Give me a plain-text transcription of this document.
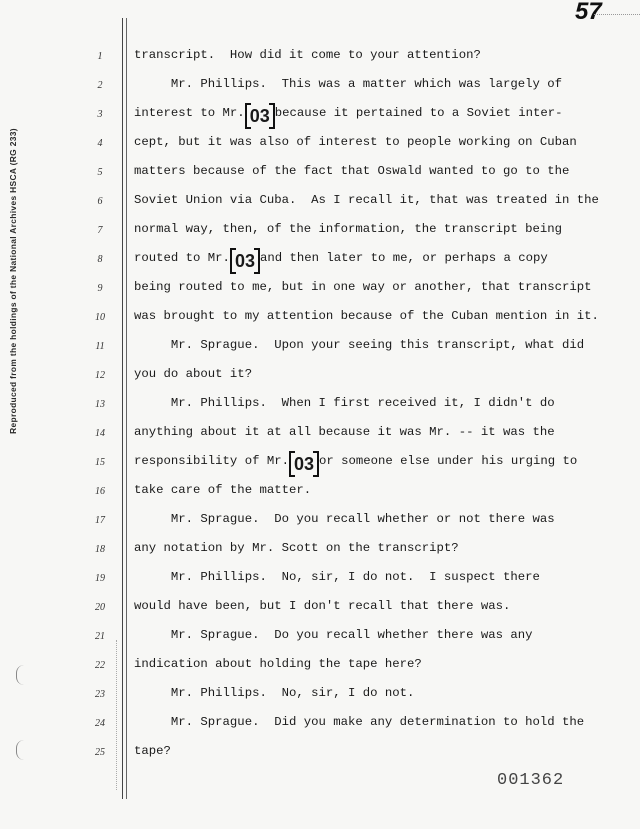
Reproduced from the holdings of the National Archives HSCA (RG 233)
57
1	transcript.  How did it come to your attention?
2	Mr. Phillips.  This was a matter which was largely of
3	interest to Mr. 03 because it pertained to a Soviet inter-
4	cept, but it was also of interest to people working on Cuban
5	matters because of the fact that Oswald wanted to go to the
6	Soviet Union via Cuba.  As I recall it, that was treated in the
7	normal way, then, of the information, the transcript being
8	routed to Mr. 03 and then later to me, or perhaps a copy
9	being routed to me, but in one way or another, that transcript
10	was brought to my attention because of the Cuban mention in it.
11	Mr. Sprague.  Upon your seeing this transcript, what did
12	you do about it?
13	Mr. Phillips.  When I first received it, I didn't do
14	anything about it at all because it was Mr. -- it was the
15	responsibility of Mr. 03 or someone else under his urging to
16	take care of the matter.
17	Mr. Sprague.  Do you recall whether or not there was
18	any notation by Mr. Scott on the transcript?
19	Mr. Phillips.  No, sir, I do not.  I suspect there
20	would have been, but I don't recall that there was.
21	Mr. Sprague.  Do you recall whether there was any
22	indication about holding the tape here?
23	Mr. Phillips.  No, sir, I do not.
24	Mr. Sprague.  Did you make any determination to hold the
25	tape?
001362
